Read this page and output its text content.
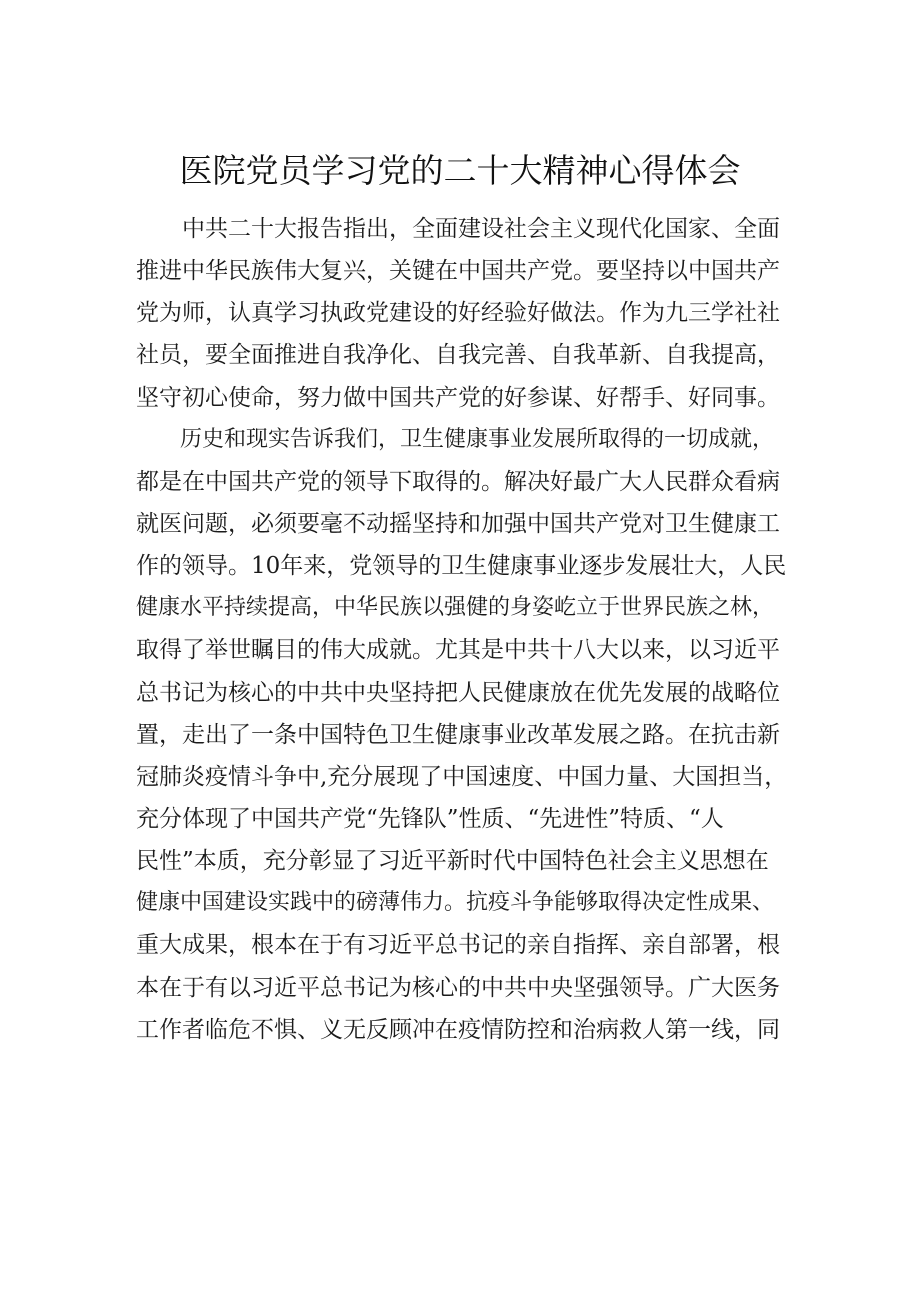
医院党员学习党的二十大精神心得体会
中共二十大报告指出，全面建设社会主义现代化国家、全面
推进中华民族伟大复兴，关键在中国共产党。要坚持以中国共产
党为师，认真学习执政党建设的好经验好做法。作为九三学社社
社员，要全面推进自我净化、自我完善、自我革新、自我提高，
坚守初心使命，努力做中国共产党的好参谋、好帮手、好同事。
历史和现实告诉我们，卫生健康事业发展所取得的一切成就，
都是在中国共产党的领导下取得的。解决好最广大人民群众看病
就医问题，必须要毫不动摇坚持和加强中国共产党对卫生健康工
作的领导。10年来，党领导的卫生健康事业逐步发展壮大，人民
健康水平持续提高，中华民族以强健的身姿屹立于世界民族之林，
取得了举世瞩目的伟大成就。尤其是中共十八大以来，以习近平
总书记为核心的中共中央坚持把人民健康放在优先发展的战略位
置，走出了一条中国特色卫生健康事业改革发展之路。在抗击新
冠肺炎疫情斗争中,充分展现了中国速度、中国力量、大国担当，
充分体现了中国共产党“先锋队”性质、“先进性”特质、“人
民性”本质，充分彰显了习近平新时代中国特色社会主义思想在
健康中国建设实践中的磅薄伟力。抗疫斗争能够取得决定性成果、
重大成果，根本在于有习近平总书记的亲自指挥、亲自部署，根
本在于有以习近平总书记为核心的中共中央坚强领导。广大医务
工作者临危不惧、义无反顾冲在疫情防控和治病救人第一线，同
